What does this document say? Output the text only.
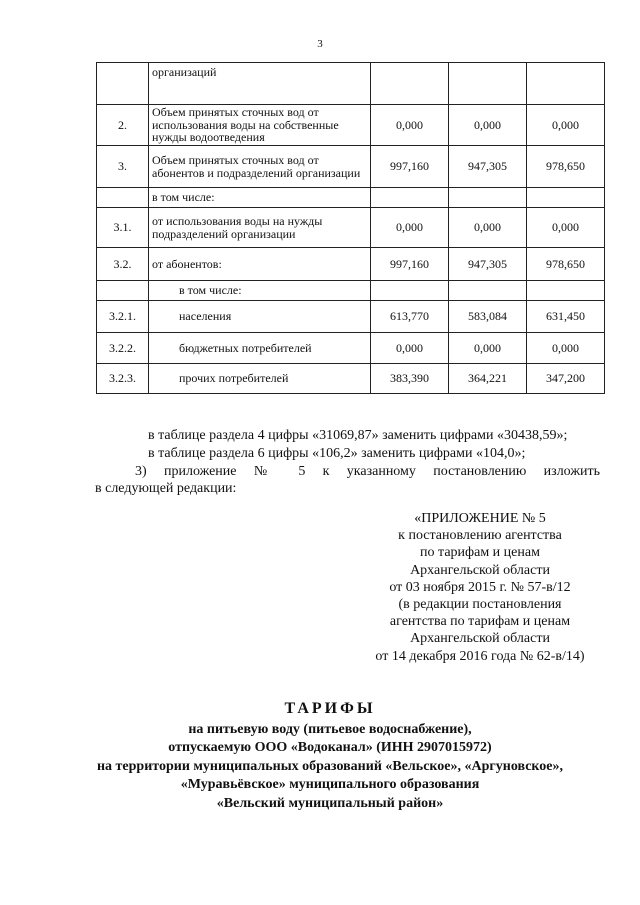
3
	организаций			
2.	Объем принятых сточных вод от использования воды на собственные нужды водоотведения	0,000	0,000	0,000
3.	Объем принятых сточных вод от абонентов и подразделений организации	997,160	947,305	978,650
	в том числе:			
3.1.	от использования воды на нужды подразделений организации	0,000	0,000	0,000
3.2.	от абонентов:	997,160	947,305	978,650
	в том числе:			
3.2.1.	населения	613,770	583,084	631,450
3.2.2.	бюджетных потребителей	0,000	0,000	0,000
3.2.3.	прочих потребителей	383,390	364,221	347,200
в таблице раздела 4 цифры «31069,87» заменить цифрами «30438,59»;
в таблице раздела 6 цифры «106,2» заменить цифрами «104,0»;
3) приложение № 5 к указанному постановлению изложить
в следующей редакции:
«ПРИЛОЖЕНИЕ № 5
к постановлению агентства
по тарифам и ценам
Архангельской области
от 03 ноября 2015 г. № 57-в/12
(в редакции постановления
агентства по тарифам и ценам
Архангельской области
от 14 декабря 2016 года № 62-в/14)
ТАРИФЫ
на питьевую воду (питьевое водоснабжение),
отпускаемую ООО «Водоканал» (ИНН 2907015972)
на территории муниципальных образований «Вельское», «Аргуновское»,
«Муравьёвское» муниципального образования
«Вельский муниципальный район»
